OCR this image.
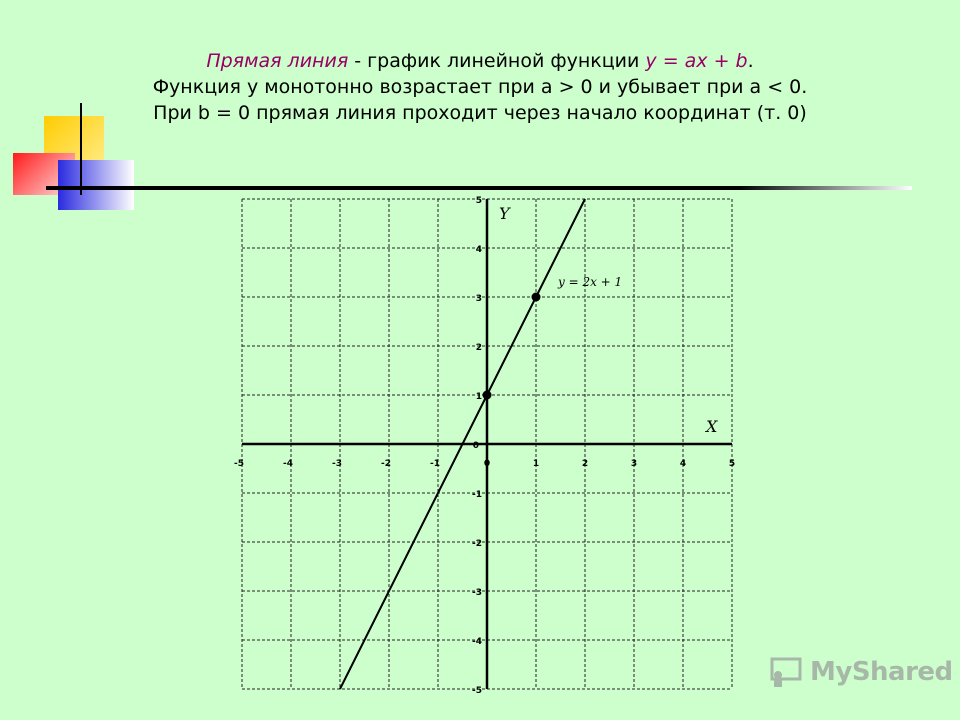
Прямая линия - график линейной функции y = ax + b.
Функция y монотонно возрастает при a > 0 и убывает при a < 0.
При b = 0 прямая линия проходит через начало координат (т. 0)
-5	-4	-3	-2	-1	0	1	2	3	4	5
5
4
3
2
1
0
-1
-2
-3
-4
-5
Y
X
y = 2x + 1
MyShared
